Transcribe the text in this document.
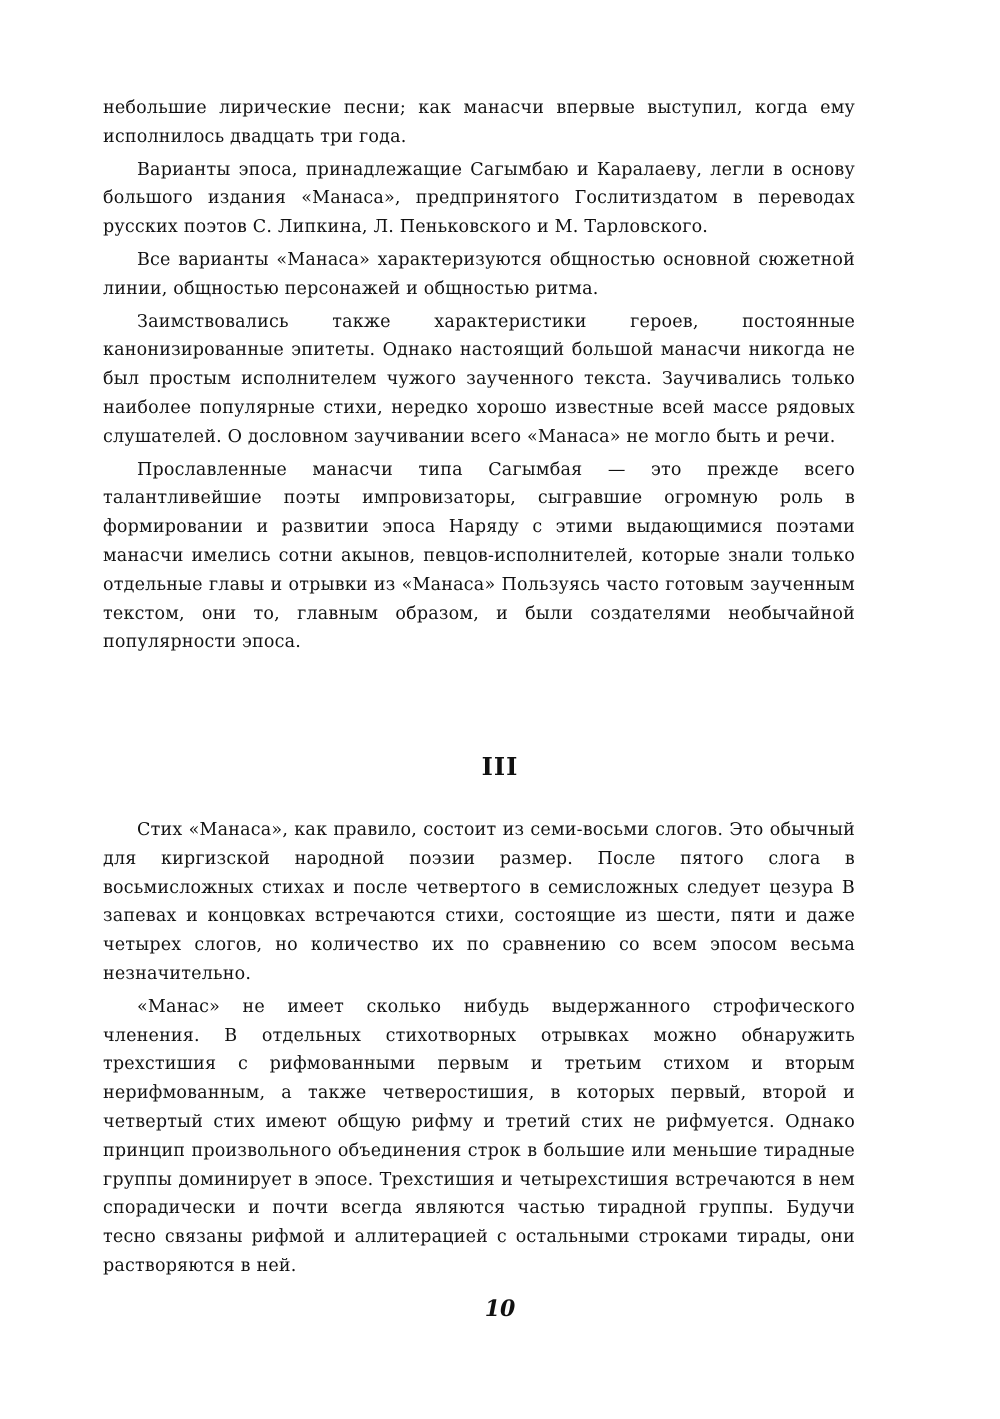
небольшие лирические песни; как манасчи впервые выступил, когда ему исполнилось двадцать три года.

Варианты эпоса, принадлежащие Сагымбаю и Каралаеву, легли в основу большого издания «Манаса», предпринятого Гослитиздатом в переводах русских поэтов С. Липкина, Л. Пеньковского и М. Тарловского.

Все варианты «Манаса» характеризуются общностью основной сюжетной линии, общностью персонажей и общностью ритма.

Заимствовались также характеристики героев, постоянные канонизированные эпитеты. Однако настоящий большой манасчи никогда не был простым исполнителем чужого заученного текста. Заучивались только наиболее популярные стихи, нередко хорошо известные всей массе рядовых слушателей. О дословном заучивании всего «Манаса» не могло быть и речи.

Прославленные манасчи типа Сагымбая — это прежде всего талантливейшие поэты импровизаторы, сыгравшие огромную роль в формировании и развитии эпоса Наряду с этими выдающимися поэтами манасчи имелись сотни акынов, певцов-исполнителей, которые знали только отдельные главы и отрывки из «Манаса» Пользуясь часто готовым заученным текстом, они то, главным образом, и были создателями необычайной популярности эпоса.

III

Стих «Манаса», как правило, состоит из семи-восьми слогов. Это обычный для киргизской народной поэзии размер. После пятого слога в восьмисложных стихах и после четвертого в семисложных следует цезура В запевах и концовках встречаются стихи, состоящие из шести, пяти и даже четырех слогов, но количество их по сравнению со всем эпосом весьма незначительно.

«Манас» не имеет сколько нибудь выдержанного строфического членения. В отдельных стихотворных отрывках можно обнаружить трехстишия с рифмованными первым и третьим стихом и вторым нерифмованным, а также четверостишия, в которых первый, второй и четвертый стих имеют общую рифму и третий стих не рифмуется. Однако принцип произвольного объединения строк в большие или меньшие тирадные группы доминирует в эпосе. Трехстишия и четырехстишия встречаются в нем спорадически и почти всегда являются частью тирадной группы. Будучи тесно связаны рифмой и аллитерацией с остальными строками тирады, они растворяются в ней.

10
